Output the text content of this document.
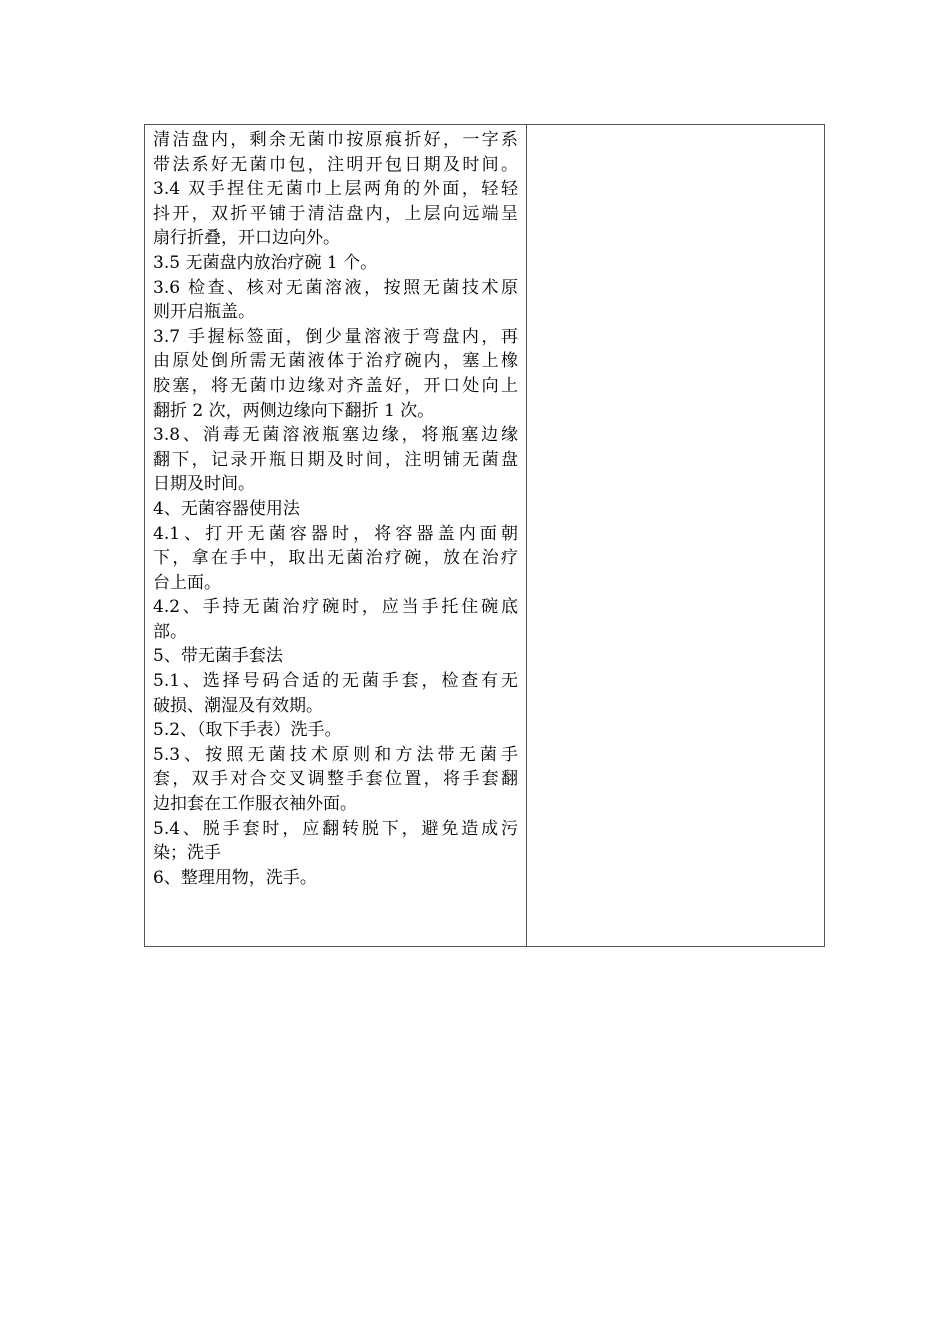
清洁盘内，剩余无菌巾按原痕折好，一字系
带法系好无菌巾包，注明开包日期及时间。
3.4 双手捏住无菌巾上层两角的外面，轻轻
抖开，双折平铺于清洁盘内，上层向远端呈
扇行折叠，开口边向外。
3.5 无菌盘内放治疗碗 1 个。
3.6 检查、核对无菌溶液，按照无菌技术原
则开启瓶盖。
3.7 手握标签面，倒少量溶液于弯盘内，再
由原处倒所需无菌液体于治疗碗内，塞上橡
胶塞，将无菌巾边缘对齐盖好，开口处向上
翻折 2 次，两侧边缘向下翻折 1 次。
3.8、消毒无菌溶液瓶塞边缘，将瓶塞边缘
翻下，记录开瓶日期及时间，注明铺无菌盘
日期及时间。
4、无菌容器使用法
4.1、打开无菌容器时，将容器盖内面朝
下，拿在手中，取出无菌治疗碗，放在治疗
台上面。
4.2、手持无菌治疗碗时，应当手托住碗底
部。
5、带无菌手套法
5.1、选择号码合适的无菌手套，检查有无
破损、潮湿及有效期。
5.2、（取下手表）洗手。
5.3、按照无菌技术原则和方法带无菌手
套，双手对合交叉调整手套位置，将手套翻
边扣套在工作服衣袖外面。
5.4、脱手套时，应翻转脱下，避免造成污
染；洗手
6、整理用物，洗手。
